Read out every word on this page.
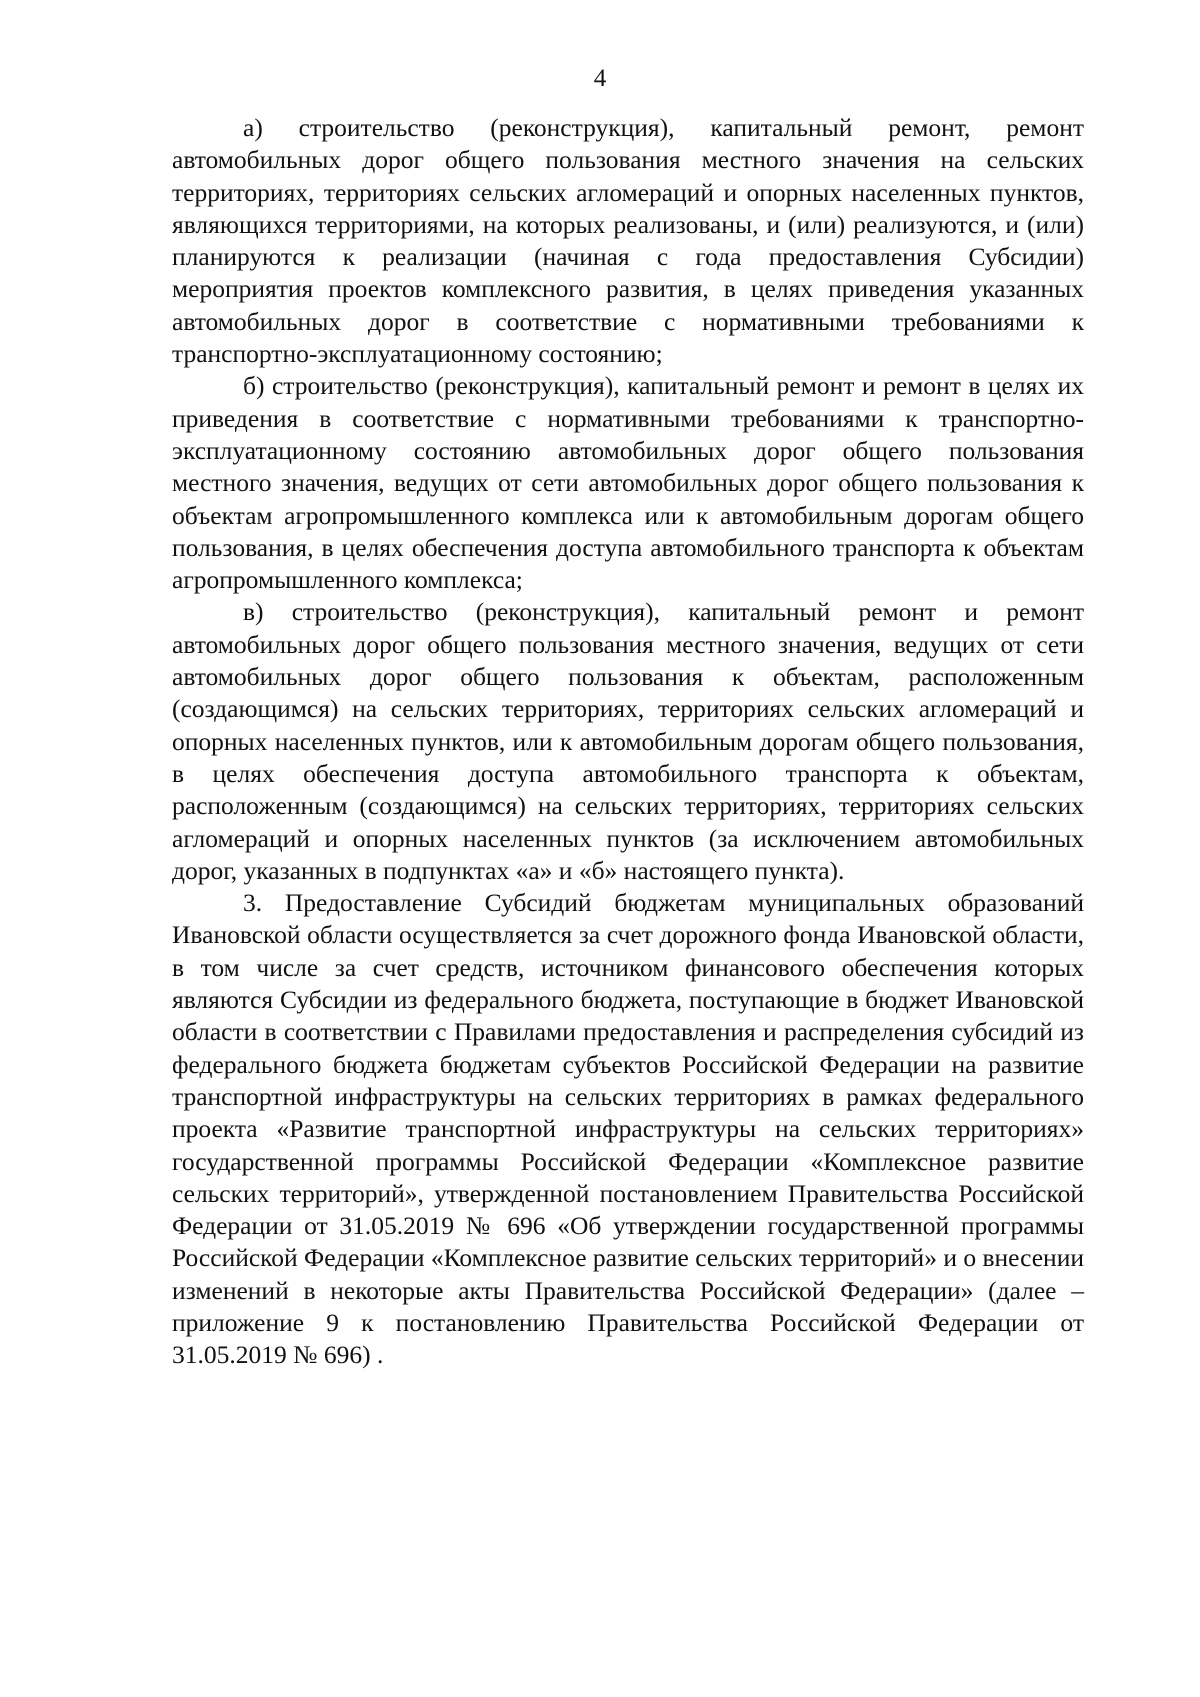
4

а) строительство (реконструкция), капитальный ремонт, ремонт автомобильных дорог общего пользования местного значения на сельских территориях, территориях сельских агломераций и опорных населенных пунктов, являющихся территориями, на которых реализованы, и (или) реализуются, и (или) планируются к реализации (начиная с года предоставления Субсидии) мероприятия проектов комплексного развития, в целях приведения указанных автомобильных дорог в соответствие с нормативными требованиями к транспортно-эксплуатационному состоянию;

б) строительство (реконструкция), капитальный ремонт и ремонт в целях их приведения в соответствие с нормативными требованиями к транспортно-эксплуатационному состоянию автомобильных дорог общего пользования местного значения, ведущих от сети автомобильных дорог общего пользования к объектам агропромышленного комплекса или к автомобильным дорогам общего пользования, в целях обеспечения доступа автомобильного транспорта к объектам агропромышленного комплекса;

в) строительство (реконструкция), капитальный ремонт и ремонт автомобильных дорог общего пользования местного значения, ведущих от сети автомобильных дорог общего пользования к объектам, расположенным (создающимся) на сельских территориях, территориях сельских агломераций и опорных населенных пунктов, или к автомобильным дорогам общего пользования, в целях обеспечения доступа автомобильного транспорта к объектам, расположенным (создающимся) на сельских территориях, территориях сельских агломераций и опорных населенных пунктов (за исключением автомобильных дорог, указанных в подпунктах «а» и «б» настоящего пункта).

3. Предоставление Субсидий бюджетам муниципальных образований Ивановской области осуществляется за счет дорожного фонда Ивановской области, в том числе за счет средств, источником финансового обеспечения которых являются Субсидии из федерального бюджета, поступающие в бюджет Ивановской области в соответствии с Правилами предоставления и распределения субсидий из федерального бюджета бюджетам субъектов Российской Федерации на развитие транспортной инфраструктуры на сельских территориях в рамках федерального проекта «Развитие транспортной инфраструктуры на сельских территориях» государственной программы Российской Федерации «Комплексное развитие сельских территорий», утвержденной постановлением Правительства Российской Федерации от 31.05.2019 № 696 «Об утверждении государственной программы Российской Федерации «Комплексное развитие сельских территорий» и о внесении изменений в некоторые акты Правительства Российской Федерации» (далее – приложение 9 к постановлению Правительства Российской Федерации от 31.05.2019 № 696) .
